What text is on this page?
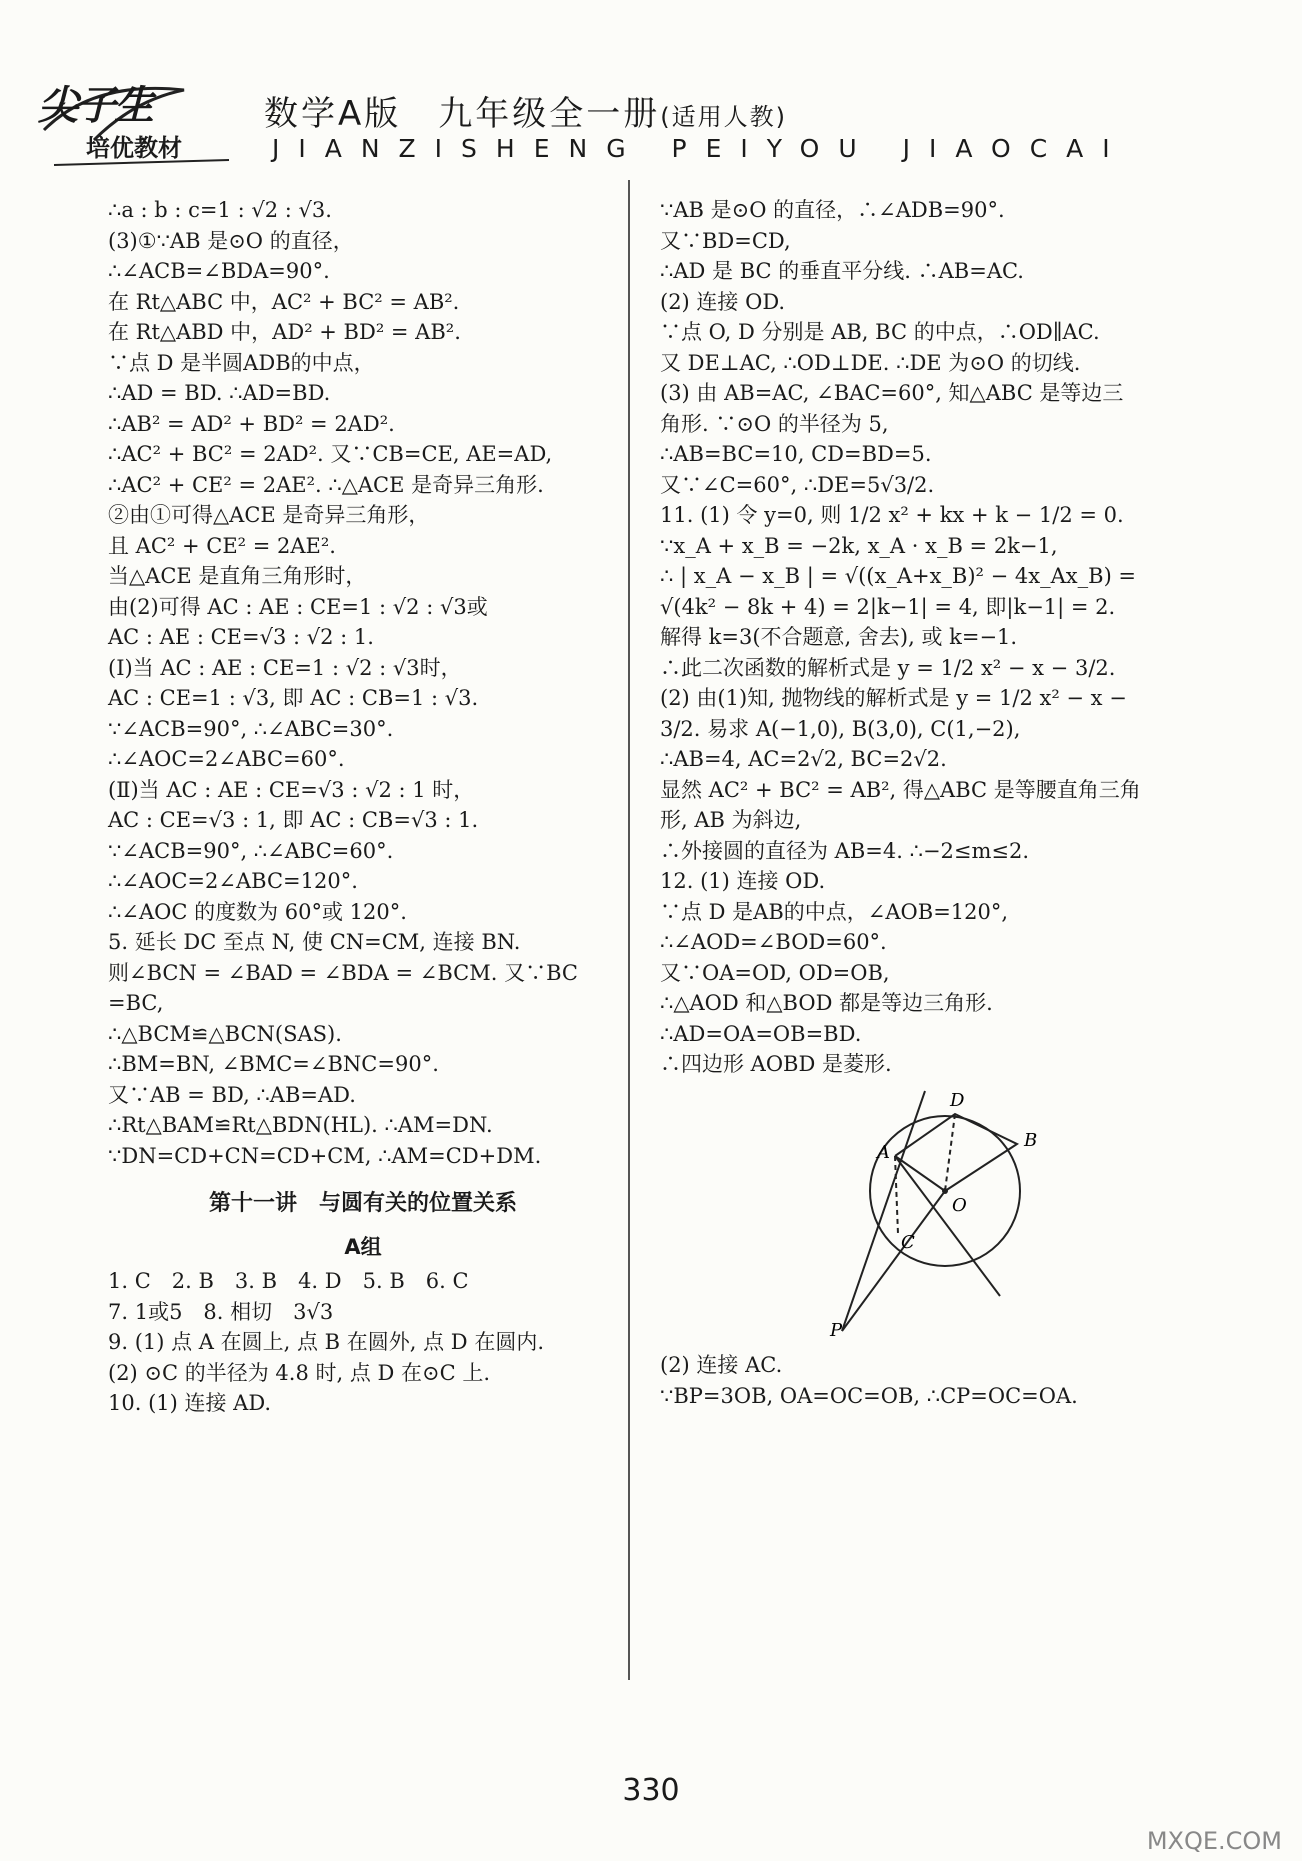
尖子生
培优教材
数学A版　九年级全一册(适用人教)
JIANZISHENG PEIYOU JIAOCAI
∴a : b : c=1 : √2 : √3.
(3)①∵AB 是⊙O 的直径，
∴∠ACB=∠BDA=90°.
在 Rt△ABC 中，AC² + BC² = AB².
在 Rt△ABD 中，AD² + BD² = AB².
∵点 D 是半圆ADB的中点，
∴AD = BD. ∴AD=BD.
∴AB² = AD² + BD² = 2AD².
∴AC² + BC² = 2AD². 又∵CB=CE, AE=AD,
∴AC² + CE² = 2AE². ∴△ACE 是奇异三角形.
②由①可得△ACE 是奇异三角形，
且 AC² + CE² = 2AE².
当△ACE 是直角三角形时，
由(2)可得 AC : AE : CE=1 : √2 : √3或
AC : AE : CE=√3 : √2 : 1.
(Ⅰ)当 AC : AE : CE=1 : √2 : √3时，
AC : CE=1 : √3, 即 AC : CB=1 : √3.
∵∠ACB=90°, ∴∠ABC=30°.
∴∠AOC=2∠ABC=60°.
(Ⅱ)当 AC : AE : CE=√3 : √2 : 1 时，
AC : CE=√3 : 1, 即 AC : CB=√3 : 1.
∵∠ACB=90°, ∴∠ABC=60°.
∴∠AOC=2∠ABC=120°.
∴∠AOC 的度数为 60°或 120°.
5. 延长 DC 至点 N, 使 CN=CM, 连接 BN.
则∠BCN = ∠BAD = ∠BDA = ∠BCM. 又∵BC
=BC,
∴△BCM≌△BCN(SAS).
∴BM=BN, ∠BMC=∠BNC=90°.
又∵AB = BD, ∴AB=AD.
∴Rt△BAM≌Rt△BDN(HL). ∴AM=DN.
∵DN=CD+CN=CD+CM, ∴AM=CD+DM.
第十一讲　与圆有关的位置关系
A组
1. C　2. B　3. B　4. D　5. B　6. C
7. 1或5　8. 相切　3√3
9. (1) 点 A 在圆上, 点 B 在圆外, 点 D 在圆内.
(2) ⊙C 的半径为 4.8 时, 点 D 在⊙C 上.
10. (1) 连接 AD.
∵AB 是⊙O 的直径，∴∠ADB=90°.
又∵BD=CD,
∴AD 是 BC 的垂直平分线. ∴AB=AC.
(2) 连接 OD.
∵点 O, D 分别是 AB, BC 的中点，∴OD∥AC.
又 DE⊥AC, ∴OD⊥DE. ∴DE 为⊙O 的切线.
(3) 由 AB=AC, ∠BAC=60°, 知△ABC 是等边三
角形. ∵⊙O 的半径为 5,
∴AB=BC=10, CD=BD=5.
又∵∠C=60°, ∴DE=5√3/2.
11. (1) 令 y=0, 则 1/2 x² + kx + k − 1/2 = 0.
∵x_A + x_B = −2k, x_A · x_B = 2k−1,
∴ | x_A − x_B | = √((x_A+x_B)² − 4x_Ax_B) =
√(4k² − 8k + 4) = 2|k−1| = 4, 即|k−1| = 2.
解得 k=3(不合题意, 舍去), 或 k=−1.
∴此二次函数的解析式是 y = 1/2 x² − x − 3/2.
(2) 由(1)知, 抛物线的解析式是 y = 1/2 x² − x −
3/2. 易求 A(−1,0), B(3,0), C(1,−2),
∴AB=4, AC=2√2, BC=2√2.
显然 AC² + BC² = AB², 得△ABC 是等腰直角三角
形, AB 为斜边,
∴外接圆的直径为 AB=4. ∴−2≤m≤2.
12. (1) 连接 OD.
∵点 D 是AB的中点，∠AOB=120°,
∴∠AOD=∠BOD=60°.
又∵OA=OD, OD=OB,
∴△AOD 和△BOD 都是等边三角形.
∴AD=OA=OB=BD.
∴四边形 AOBD 是菱形.
A
B
C
D
O
P
(2) 连接 AC.
∵BP=3OB, OA=OC=OB, ∴CP=OC=OA.
330
MXQE.COM
